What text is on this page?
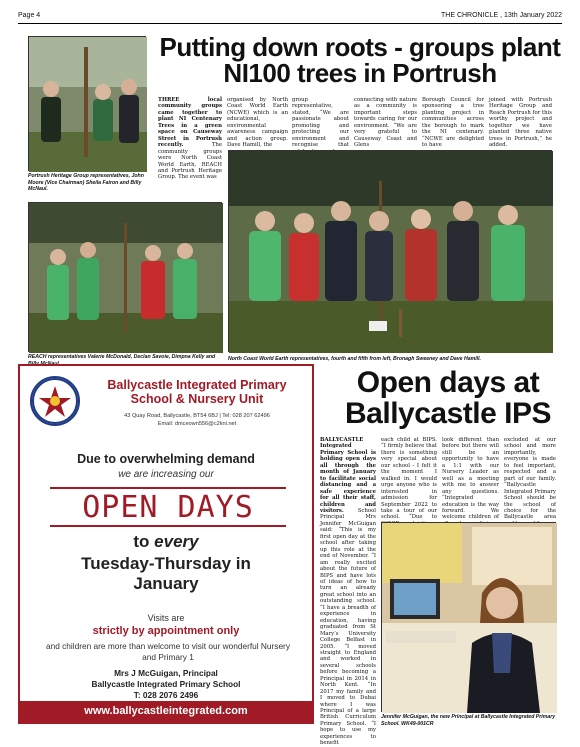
Page 4	THE CHRONICLE , 13th January 2022
Putting down roots - groups plant NI100 trees in Portrush
Portrush Heritage Group representatives, John Moore (Vice Chairman) Sheila Fairon and Billy McNaul.
THREE local community groups came together to plant NI Centenary Trees in a green space on Causeway Street in Portrush recently.	The community groups were North Coast World Earth, REACH and Portrush Heritage Group. The event was
organised by North Coast World Earth (NCWE) which is an educational, environmental awareness campaign and action group. Dave Hamill, the
group representative, stated, “We are passionate about promoting and protecting our environment and recognise that
connecting with nature as a community is important steps towards caring for our environment. “We are very grateful to Causeway Coast and Glens
Borough Council for sponsoring a tree planting project in communities across the borough to mark the NI centenary. “NCWE are delighted to have
joined with Portrush Heritage Group and Reach Portrush for this worthy project and together we have planted three native trees in Portrush,” he added.
REACH representatives Valerie McDonald, Declan Savoie, Dimpna Kelly and	North Coast World Earth representatives, fourth and fifth from left, Bronagh Sweeney and Dave Hamill.
Ballycastle Integrated Primary School & Nursery Unit
43 Quay Road, Ballycastle, BT54 6BJ | Tel: 028 207 62496
Email: dmceown556@c2kni.net
Due to overwhelming demand
we are increasing our
OPEN DAYS
to every
Tuesday-Thursday in January
Visits are
strictly by appointment only
and children are more than welcome to visit our wonderful Nursery and Primary 1
Mrs J McGuigan, Principal
Ballycastle Integrated Primary School
T: 028 2076 2496
www.ballycastleintegrated.com
Open days at Ballycastle IPS
BALLYCASTLE Integrated Primary School is holding open days all through the month of January to facilitate social distancing and a safe experience for all their staff, children and visitors.	School Principal Mrs Jennifer McGuigan said: “This is my first open day at the school after taking up this role at the end of November. “I am really excited about the future of BIPS and have lots of ideas of how to turn an already great school into an outstanding school. “I have a breadth of experience in education, having graduated from St Mary’s University College Belfast in 2005. “I moved straight to England and worked in several schools before becoming a Principal in 2014 in North Kent. “In 2017 my family and I moved to Dubai where I was Principal of a large British Curriculum Primary School. “I hope to use my experiences to benefit
each child at BIPS. “I firmly believe that there is something very special about our school - I felt it the moment I walked in. I would urge anyone who is interested in admission for September 2022 to take a tour of our school. “Due to
look different than before but there will still be an opportunity to have a 1:1 with our Nursery Leader as well as a meeting with me to answer any questions. “Integrated education is the way forward. We welcome children of
excluded at our school and more importantly, everyone is made to feel important, respected and a part of our family. “Ballycastle Integrated Primary School should be the school of choice for the Ballycastle area
Jennifer McGuigan, the new Principal at Ballycastle Integrated Primary School. WK49-001CR
